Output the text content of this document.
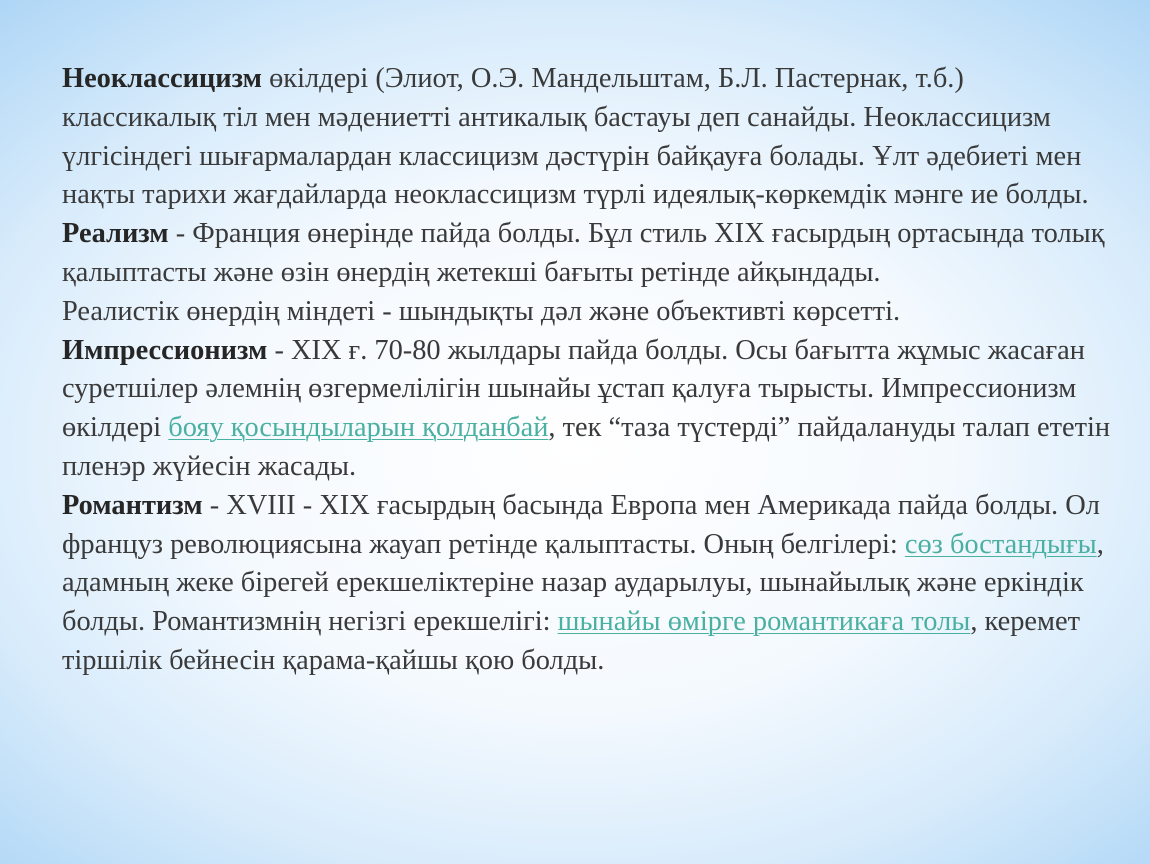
Неоклассицизм өкілдері (Элиот, О.Э. Мандельштам, Б.Л. Пастернак, т.б.) классикалық тіл мен мәдениетті антикалық бастауы деп санайды. Неоклассицизм үлгісіндегі шығармалардан классицизм дәстүрін байқауға болады. Ұлт әдебиеті мен нақты тарихи жағдайларда неоклассицизм түрлі идеялық-көркемдік мәнге ие болды.

Реализм - Франция өнерінде пайда болды. Бұл стиль XIX ғасырдың ортасында толық қалыптасты және өзін өнердің жетекші бағыты ретінде айқындады.

Реалистік өнердің міндеті - шындықты дәл және объективті көрсетті.

Импрессионизм - XIX ғ. 70-80 жылдары пайда болды. Осы бағытта жұмыс жасаған суретшілер әлемнің өзгермелілігін шынайы ұстап қалуға тырысты. Импрессионизм өкілдері бояу қосындыларын қолданбай, тек “таза түстерді” пайдалануды талап ететін пленэр жүйесін жасады.

Романтизм - XVIII - XIX ғасырдың басында Европа мен Америкада пайда болды. Ол француз революциясына жауап ретінде қалыптасты. Оның белгілері: сөз бостандығы, адамның жеке бірегей ерекшеліктеріне назар аударылуы, шынайылық және еркіндік болды. Романтизмнің негізгі ерекшелігі: шынайы өмірге романтикаға толы, керемет тіршілік бейнесін қарама-қайшы қою болды.
